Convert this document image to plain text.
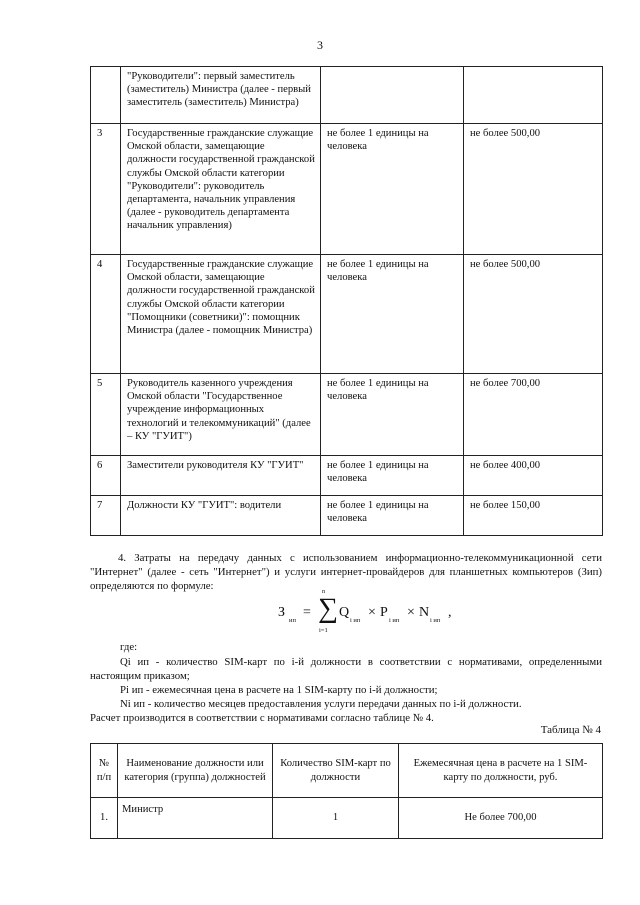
3
	"Руководители": первый заместитель (заместитель) Министра (далее - первый заместитель (заместитель) Министра)		
3	Государственные гражданские служащие Омской области, замещающие должности государственной гражданской службы Омской области категории "Руководители": руководитель департамента, начальник управления (далее - руководитель департамента начальник управления)	не более 1 единицы на человека	не более 500,00
4	Государственные гражданские служащие Омской области, замещающие должности государственной гражданской службы Омской области категории "Помощники (советники)": помощник Министра (далее - помощник Министра)	не более 1 единицы на человека	не более 500,00
5	Руководитель казенного учреждения Омской области "Государственное учреждение информационных технологий и телекоммуникаций" (далее – КУ "ГУИТ")	не более 1 единицы на человека	не более 700,00
6	Заместители руководителя КУ "ГУИТ"	не более 1 единицы на человека	не более 400,00
7	Должности КУ "ГУИТ": водители	не более 1 единицы на человека	не более 150,00
4. Затраты на передачу данных с использованием информационно-телекоммуникационной сети "Интернет" (далее - сеть "Интернет") и услуги интернет-провайдеров для планшетных компьютеров (Зип) определяются по формуле:
З
ип
=
n
∑
i=1
Q
i ип
× P
i ип
× N
i ип
,
где:
Qi ип - количество SIM-карт по i-й должности в соответствии с нормативами, определенными настоящим приказом;
Pi ип - ежемесячная цена в расчете на 1 SIM-карту по i-й должности;
Ni ип - количество месяцев предоставления услуги передачи данных по i-й должности.
Расчет производится в соответствии с нормативами согласно таблице № 4.
Таблица № 4
№ п/п	Наименование должности или категория (группа) должностей	Количество SIM-карт по должности	Ежемесячная цена в расчете на 1 SIM-карту по должности, руб.
1.	Министр	1	Не более 700,00
